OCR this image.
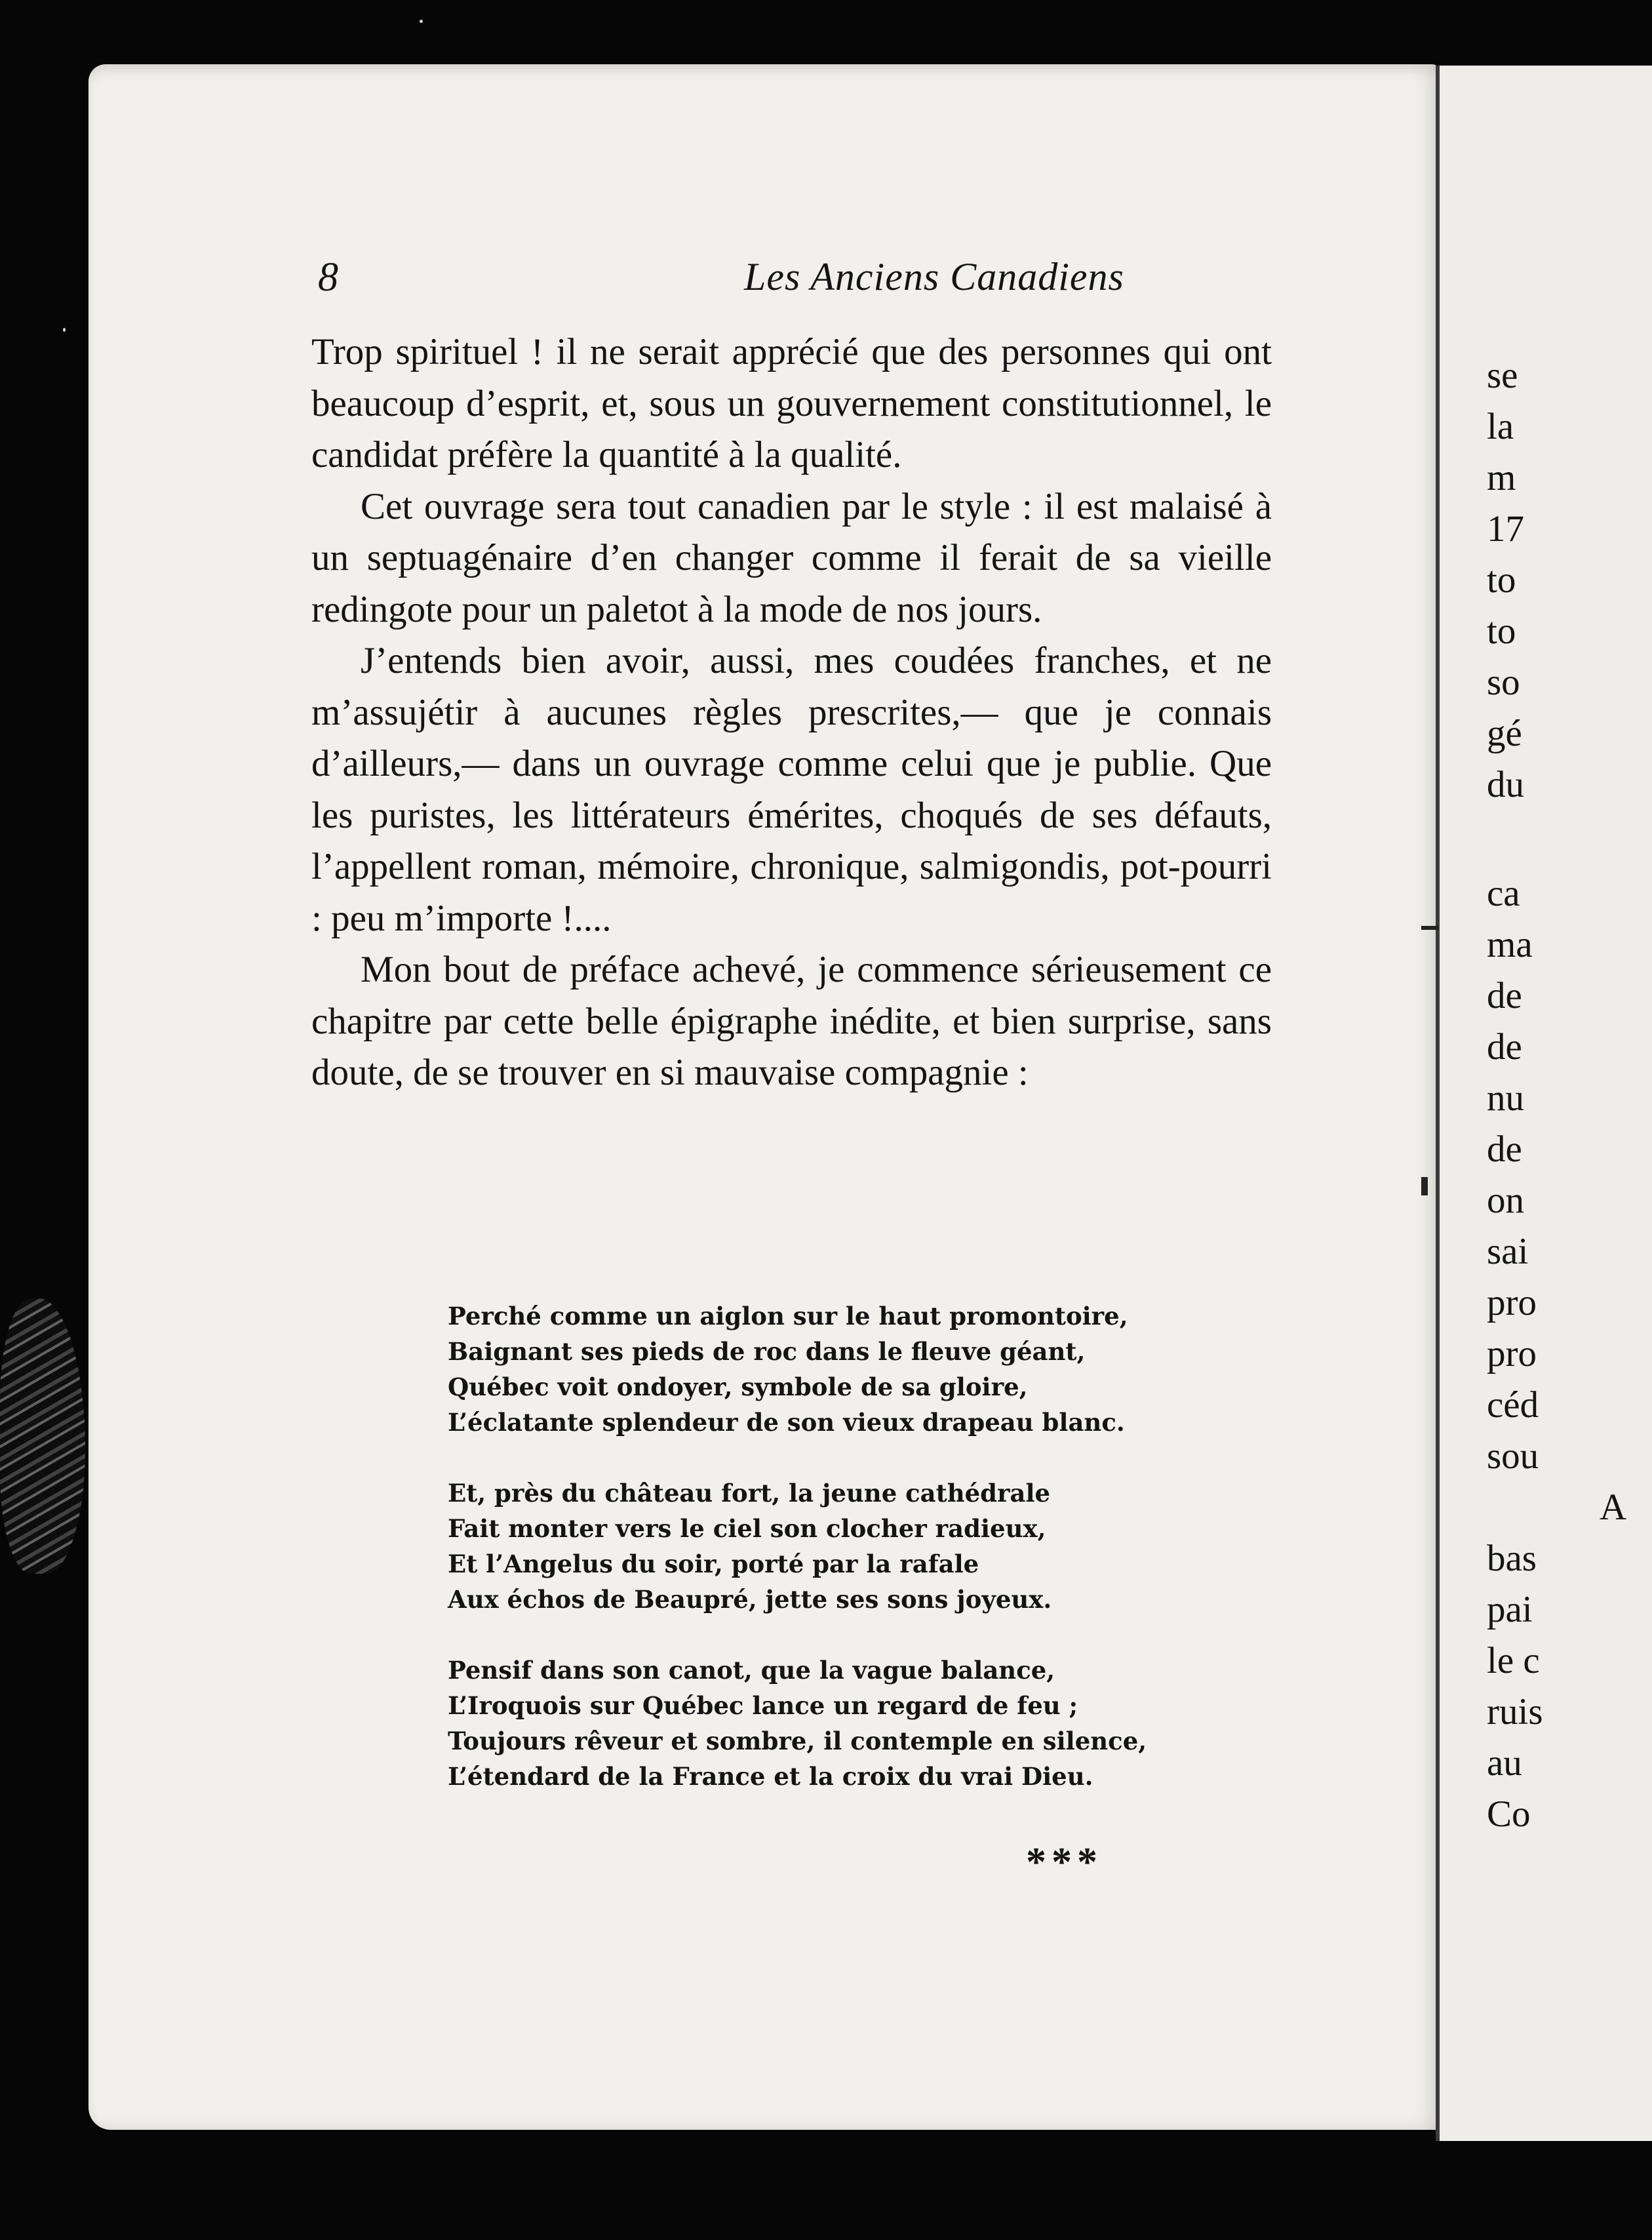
8	Les Anciens Canadiens

Trop spirituel ! il ne serait apprécié que des personnes qui ont beaucoup d’esprit, et, sous un gouvernement constitutionnel, le candidat préfère la quantité à la qualité.

Cet ouvrage sera tout canadien par le style : il est malaisé à un septuagénaire d’en changer comme il ferait de sa vieille redingote pour un paletot à la mode de nos jours.

J’entends bien avoir, aussi, mes coudées franches, et ne m’assujétir à aucunes règles prescrites,— que je connais d’ailleurs,— dans un ouvrage comme celui que je publie. Que les puristes, les littérateurs émérites, choqués de ses défauts, l’appellent roman, mémoire, chronique, salmigondis, pot-pourri : peu m’importe !....

Mon bout de préface achevé, je commence sérieusement ce chapitre par cette belle épigraphe inédite, et bien surprise, sans doute, de se trouver en si mauvaise compagnie :

Perché comme un aiglon sur le haut promontoire,
Baignant ses pieds de roc dans le fleuve géant,
Québec voit ondoyer, symbole de sa gloire,
L’éclatante splendeur de son vieux drapeau blanc.
Et, près du château fort, la jeune cathédrale
Fait monter vers le ciel son clocher radieux,
Et l’Angelus du soir, porté par la rafale
Aux échos de Beaupré, jette ses sons joyeux.
Pensif dans son canot, que la vague balance,
L’Iroquois sur Québec lance un regard de feu ;
Toujours rêveur et sombre, il contemple en silence,
L’étendard de la France et la croix du vrai Dieu.
***
se
la
m
17
to
to
so
gé
du
ca
ma
de
de
nu
de
on
sai
pro
pro
céd
sou
A
bas
pai
le c
ruis
au
Co
